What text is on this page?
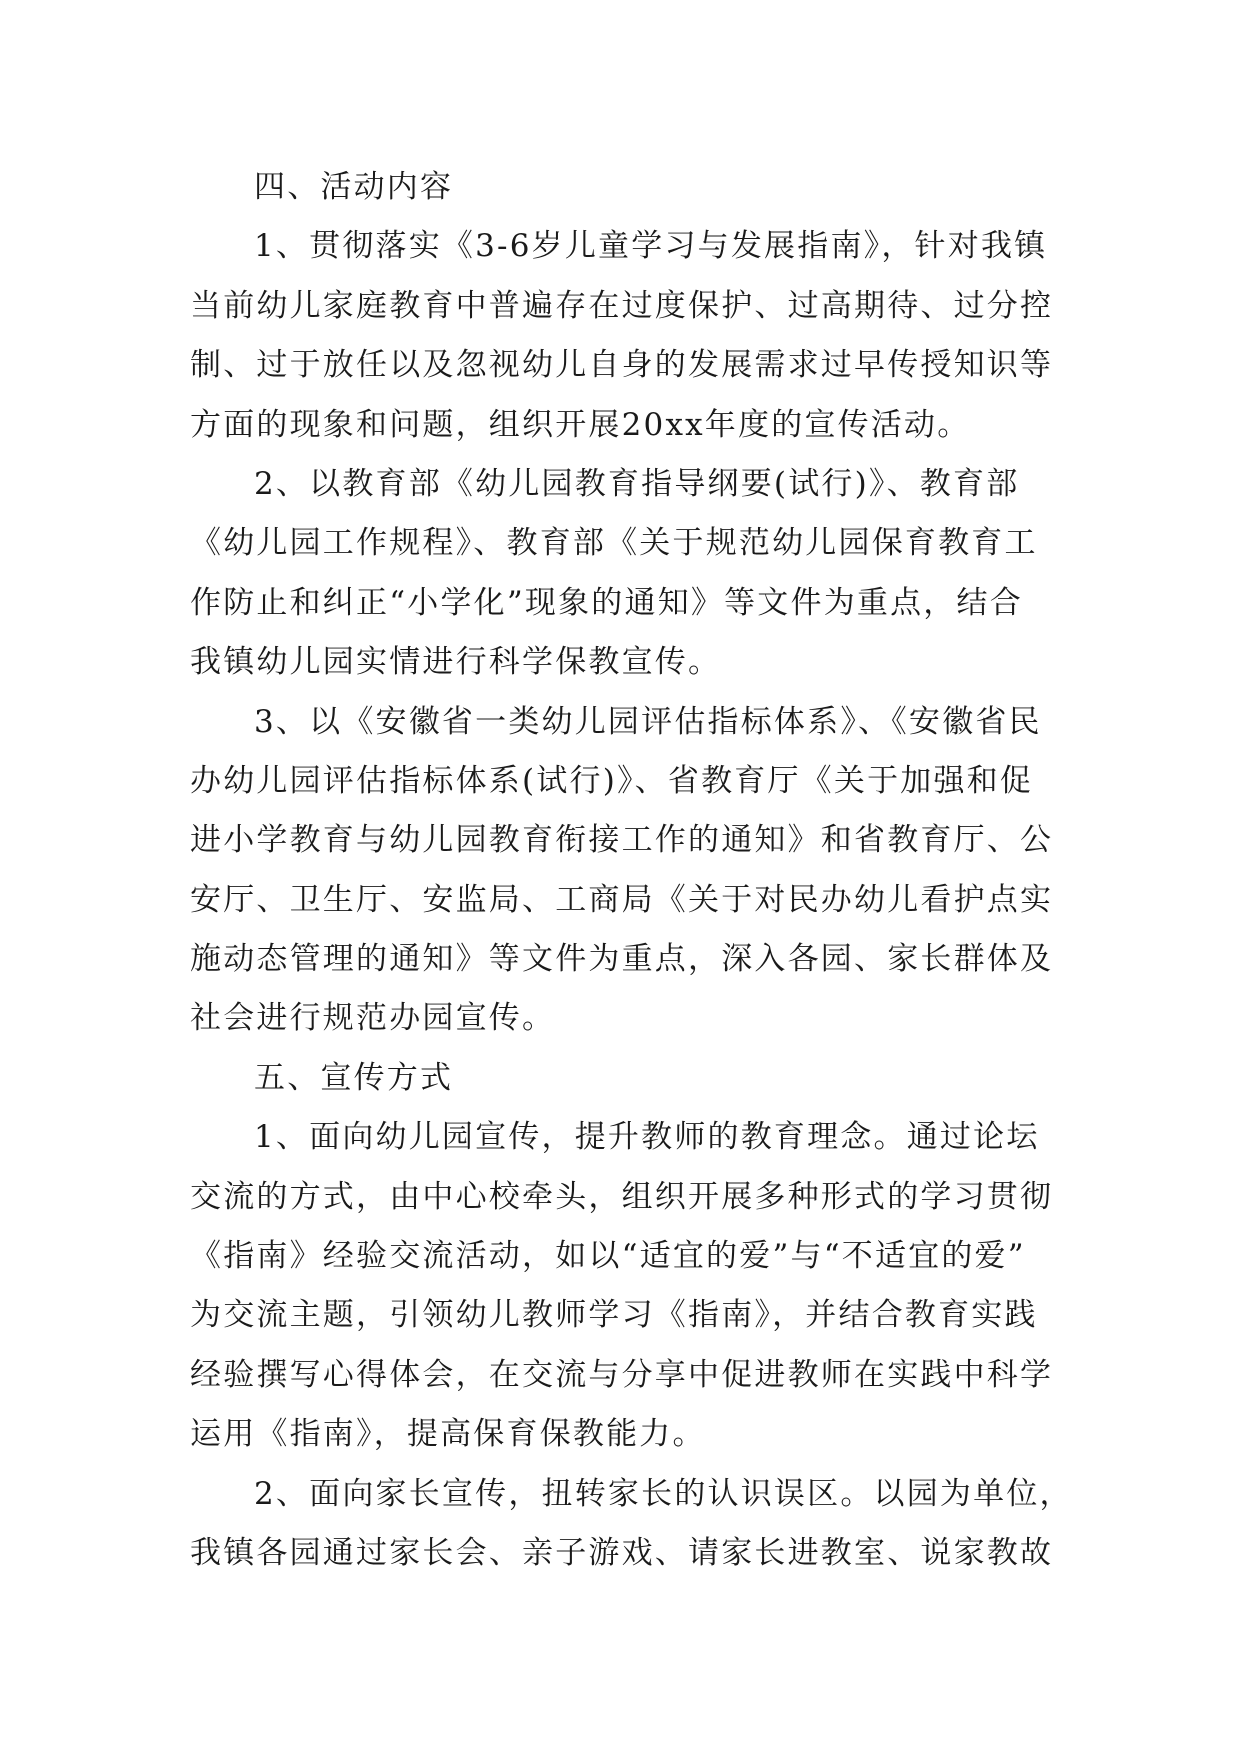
四、活动内容
1、贯彻落实《3-6岁儿童学习与发展指南》，针对我镇
当前幼儿家庭教育中普遍存在过度保护、过高期待、过分控
制、过于放任以及忽视幼儿自身的发展需求过早传授知识等
方面的现象和问题，组织开展20xx年度的宣传活动。
2、以教育部《幼儿园教育指导纲要(试行)》、教育部
《幼儿园工作规程》、教育部《关于规范幼儿园保育教育工
作防止和纠正“小学化”现象的通知》等文件为重点，结合
我镇幼儿园实情进行科学保教宣传。
3、以《安徽省一类幼儿园评估指标体系》、《安徽省民
办幼儿园评估指标体系(试行)》、省教育厅《关于加强和促
进小学教育与幼儿园教育衔接工作的通知》和省教育厅、公
安厅、卫生厅、安监局、工商局《关于对民办幼儿看护点实
施动态管理的通知》等文件为重点，深入各园、家长群体及
社会进行规范办园宣传。
五、宣传方式
1、面向幼儿园宣传，提升教师的教育理念。通过论坛
交流的方式，由中心校牵头，组织开展多种形式的学习贯彻
《指南》经验交流活动，如以“适宜的爱”与“不适宜的爱”
为交流主题，引领幼儿教师学习《指南》，并结合教育实践
经验撰写心得体会，在交流与分享中促进教师在实践中科学
运用《指南》，提高保育保教能力。
2、面向家长宣传，扭转家长的认识误区。以园为单位，
我镇各园通过家长会、亲子游戏、请家长进教室、说家教故
